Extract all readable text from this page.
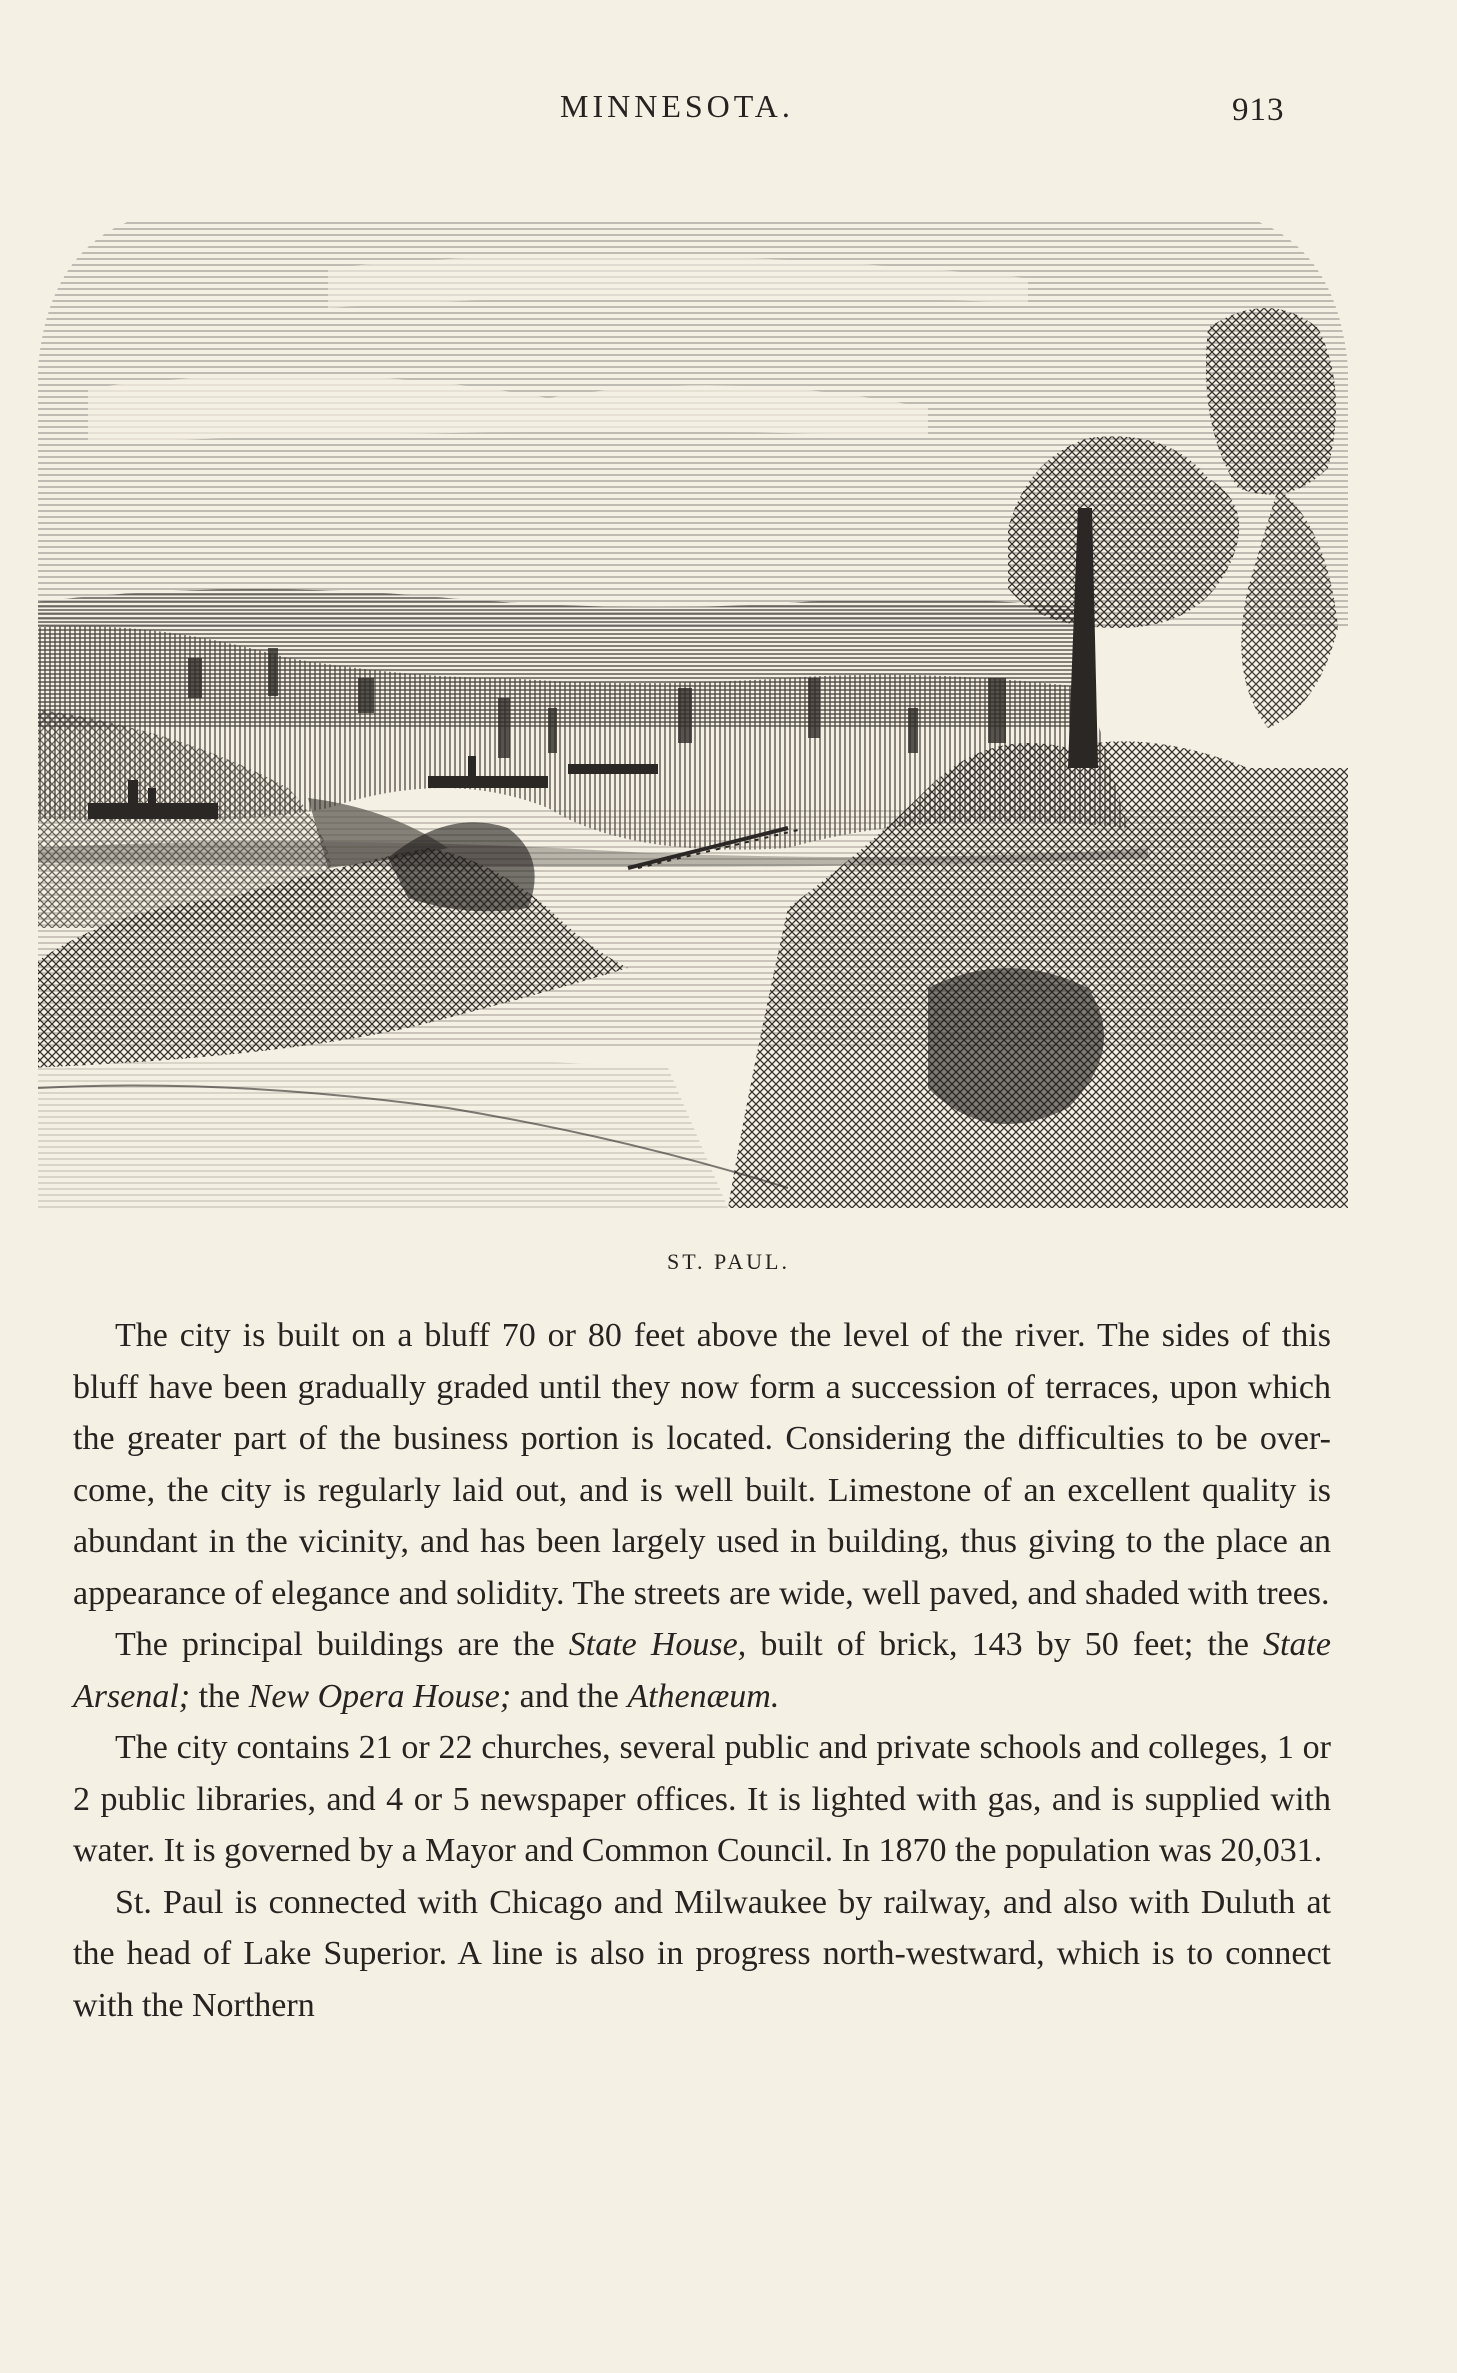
MINNESOTA.	913
ST. PAUL.

The city is built on a bluff 70 or 80 feet above the level of the river. The sides of this bluff have been gradually graded until they now form a succession of terraces, upon which the greater part of the business portion is located. Considering the difficulties to be over-come, the city is regularly laid out, and is well built. Limestone of an excellent quality is abundant in the vicinity, and has been largely used in building, thus giving to the place an appearance of elegance and solidity. The streets are wide, well paved, and shaded with trees.

The principal buildings are the State House, built of brick, 143 by 50 feet; the State Arsenal; the New Opera House; and the Athenæum.

The city contains 21 or 22 churches, several public and private schools and colleges, 1 or 2 public libraries, and 4 or 5 newspaper offices. It is lighted with gas, and is supplied with water. It is governed by a Mayor and Common Council. In 1870 the population was 20,031.

St. Paul is connected with Chicago and Milwaukee by railway, and also with Duluth at the head of Lake Superior. A line is also in progress north-westward, which is to connect with the Northern
